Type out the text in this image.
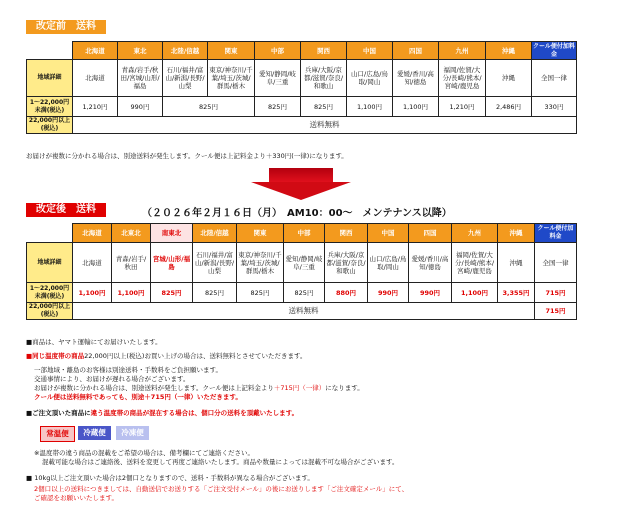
改定前　送料
	北海道	東北	北陸/信越	関東	中部	関西	中国	四国	九州	沖縄	クール便付加料金
地域詳細	北海道	青森/岩手/秋田/宮城/山形/福島	石川/福井/富山/新潟/長野/山梨	東京/神奈川/千葉/埼玉/茨城/群馬/栃木	愛知/静岡/岐阜/三重	兵庫/大阪/京都/滋賀/奈良/和歌山	山口/広島/鳥取/岡山	愛媛/香川/高知/徳島	福岡/佐賀/大分/長崎/熊本/宮崎/鹿児島	沖縄	全国一律
1～22,000円未満(税込)	1,210円	990円	825円		825円	825円	1,100円	1,100円	1,210円	2,486円	330円
22,000円以上(税込)	送料無料										
お届けが複数に分かれる場合は、別途送料が発生します。クール便は上記料金より＋330円(一律)になります。
改定後　送料	（２０２６年２月１６日（月）　AM10：00～　メンテナンス以降）
	北海道	北東北	南東北	北陸/信越	関東	中部	関西	中国	四国	九州	沖縄	クール便付加料金
地域詳細	北海道	青森/岩手/秋田	宮城/山形/福島	石川/福井/富山/新潟/長野/山梨	東京/神奈川/千葉/埼玉/茨城/群馬/栃木	愛知/静岡/岐阜/三重	兵庫/大阪/京都/滋賀/奈良/和歌山	山口/広島/鳥取/岡山	愛媛/香川/高知/徳島	福岡/佐賀/大分/長崎/熊本/宮崎/鹿児島	沖縄	全国一律
1～22,000円未満(税込)	1,100円	1,100円	825円	825円	825円	825円	880円	990円	990円	1,100円	3,355円	715円
22,000円以上(税込)	送料無料											715円
■商品は、ヤマト運輸にてお届けいたします。
■同じ温度帯の商品22,000円以上(税込)お買い上げの場合は、送料無料とさせていただきます。
一部地域・離島のお客様は別途送料・手数料をご負担願います。
交通事情により、お届けが遅れる場合がございます。
お届けが複数に分かれる場合は、別途送料が発生します。クール便は上記料金より＋715円（一律）になります。
クール便は送料無料であっても、別途＋715円（一律）いただきます。
■ご注文頂いた商品に違う温度帯の商品が混在する場合は、個口分の送料を頂戴いたします。
常温便	冷蔵便	冷凍便
※温度帯の違う商品の混載をご希望の場合は、備考欄にてご連絡ください。
混載可能な場合はご連絡後、送料を変更して再度ご連絡いたします。商品や数量によっては混載不可な場合がございます。
■ 10kg以上ご注文頂いた場合は2個口となりますので、送料・手数料が異なる場合がございます。
2個口以上の送料につきましては、自動送信でお送りする「ご注文受付メール」の後にお送りします「ご注文確定メール」にて、
ご確認をお願いいたします。
